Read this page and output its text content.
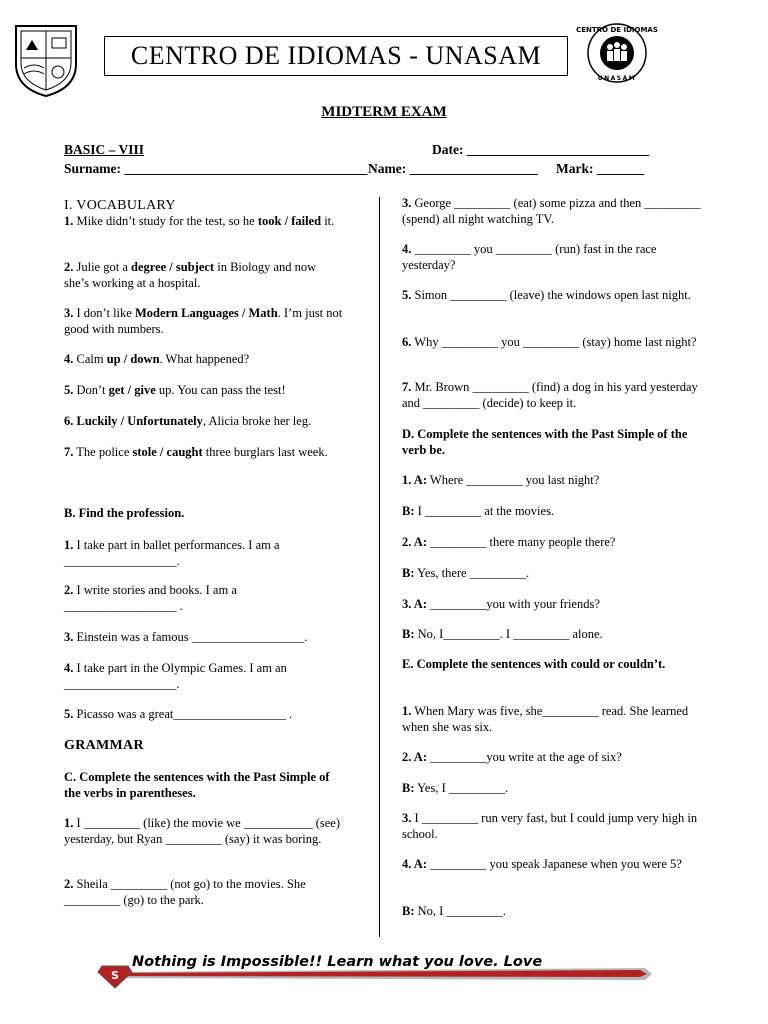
CENTRO DE IDIOMAS - UNASAM
CENTRO DE IDIOMAS
UNASAM
MIDTERM EXAM
BASIC – VIII	Date: ___________________________
Surname: ____________________________________ Name: ___________________ Mark: _______

I. VOCABULARY

1. Mike didn’t study for the test, so he took / failed it.

2. Julie got a degree / subject in Biology and now she’s working at a hospital.

3. I don’t like Modern Languages / Math. I’m just not good with numbers.

4. Calm up / down. What happened?

5. Don’t get / give up. You can pass the test!

6. Luckily / Unfortunately, Alicia broke her leg.

7. The police stole / caught three burglars last week.

B. Find the profession.

1. I take part in ballet performances. I am a __________________.

2. I write stories and books. I am a __________________ .

3. Einstein was a famous __________________.

4. I take part in the Olympic Games. I am an __________________.

5. Picasso was a great__________________ .

GRAMMAR

C. Complete the sentences with the Past Simple of the verbs in parentheses.

1. I _________ (like) the movie we ___________ (see) yesterday, but Ryan _________ (say) it was boring.

2. Sheila _________ (not go) to the movies. She _________ (go) to the park.

3. George _________ (eat) some pizza and then _________ (spend) all night watching TV.

4. _________ you _________ (run) fast in the race yesterday?

5. Simon _________ (leave) the windows open last night.

6. Why _________ you _________ (stay) home last night?

7. Mr. Brown _________ (find) a dog in his yard yesterday and _________ (decide) to keep it.

D. Complete the sentences with the Past Simple of the verb be.

1. A: Where _________ you last night?

B: I _________ at the movies.

2. A: _________ there many people there?

B: Yes, there _________.

3. A: _________you with your friends?

B: No, I_________. I _________ alone.

E. Complete the sentences with could or couldn’t.

1. When Mary was five, she_________ read. She learned when she was six.

2. A: _________you write at the age of six?

B: Yes, I _________.

3. I _________ run very fast, but I could jump very high in school.

4. A: _________ you speak Japanese when you were 5?

B: No, I _________.

S
Nothing is Impossible!! Learn what you love. Love
